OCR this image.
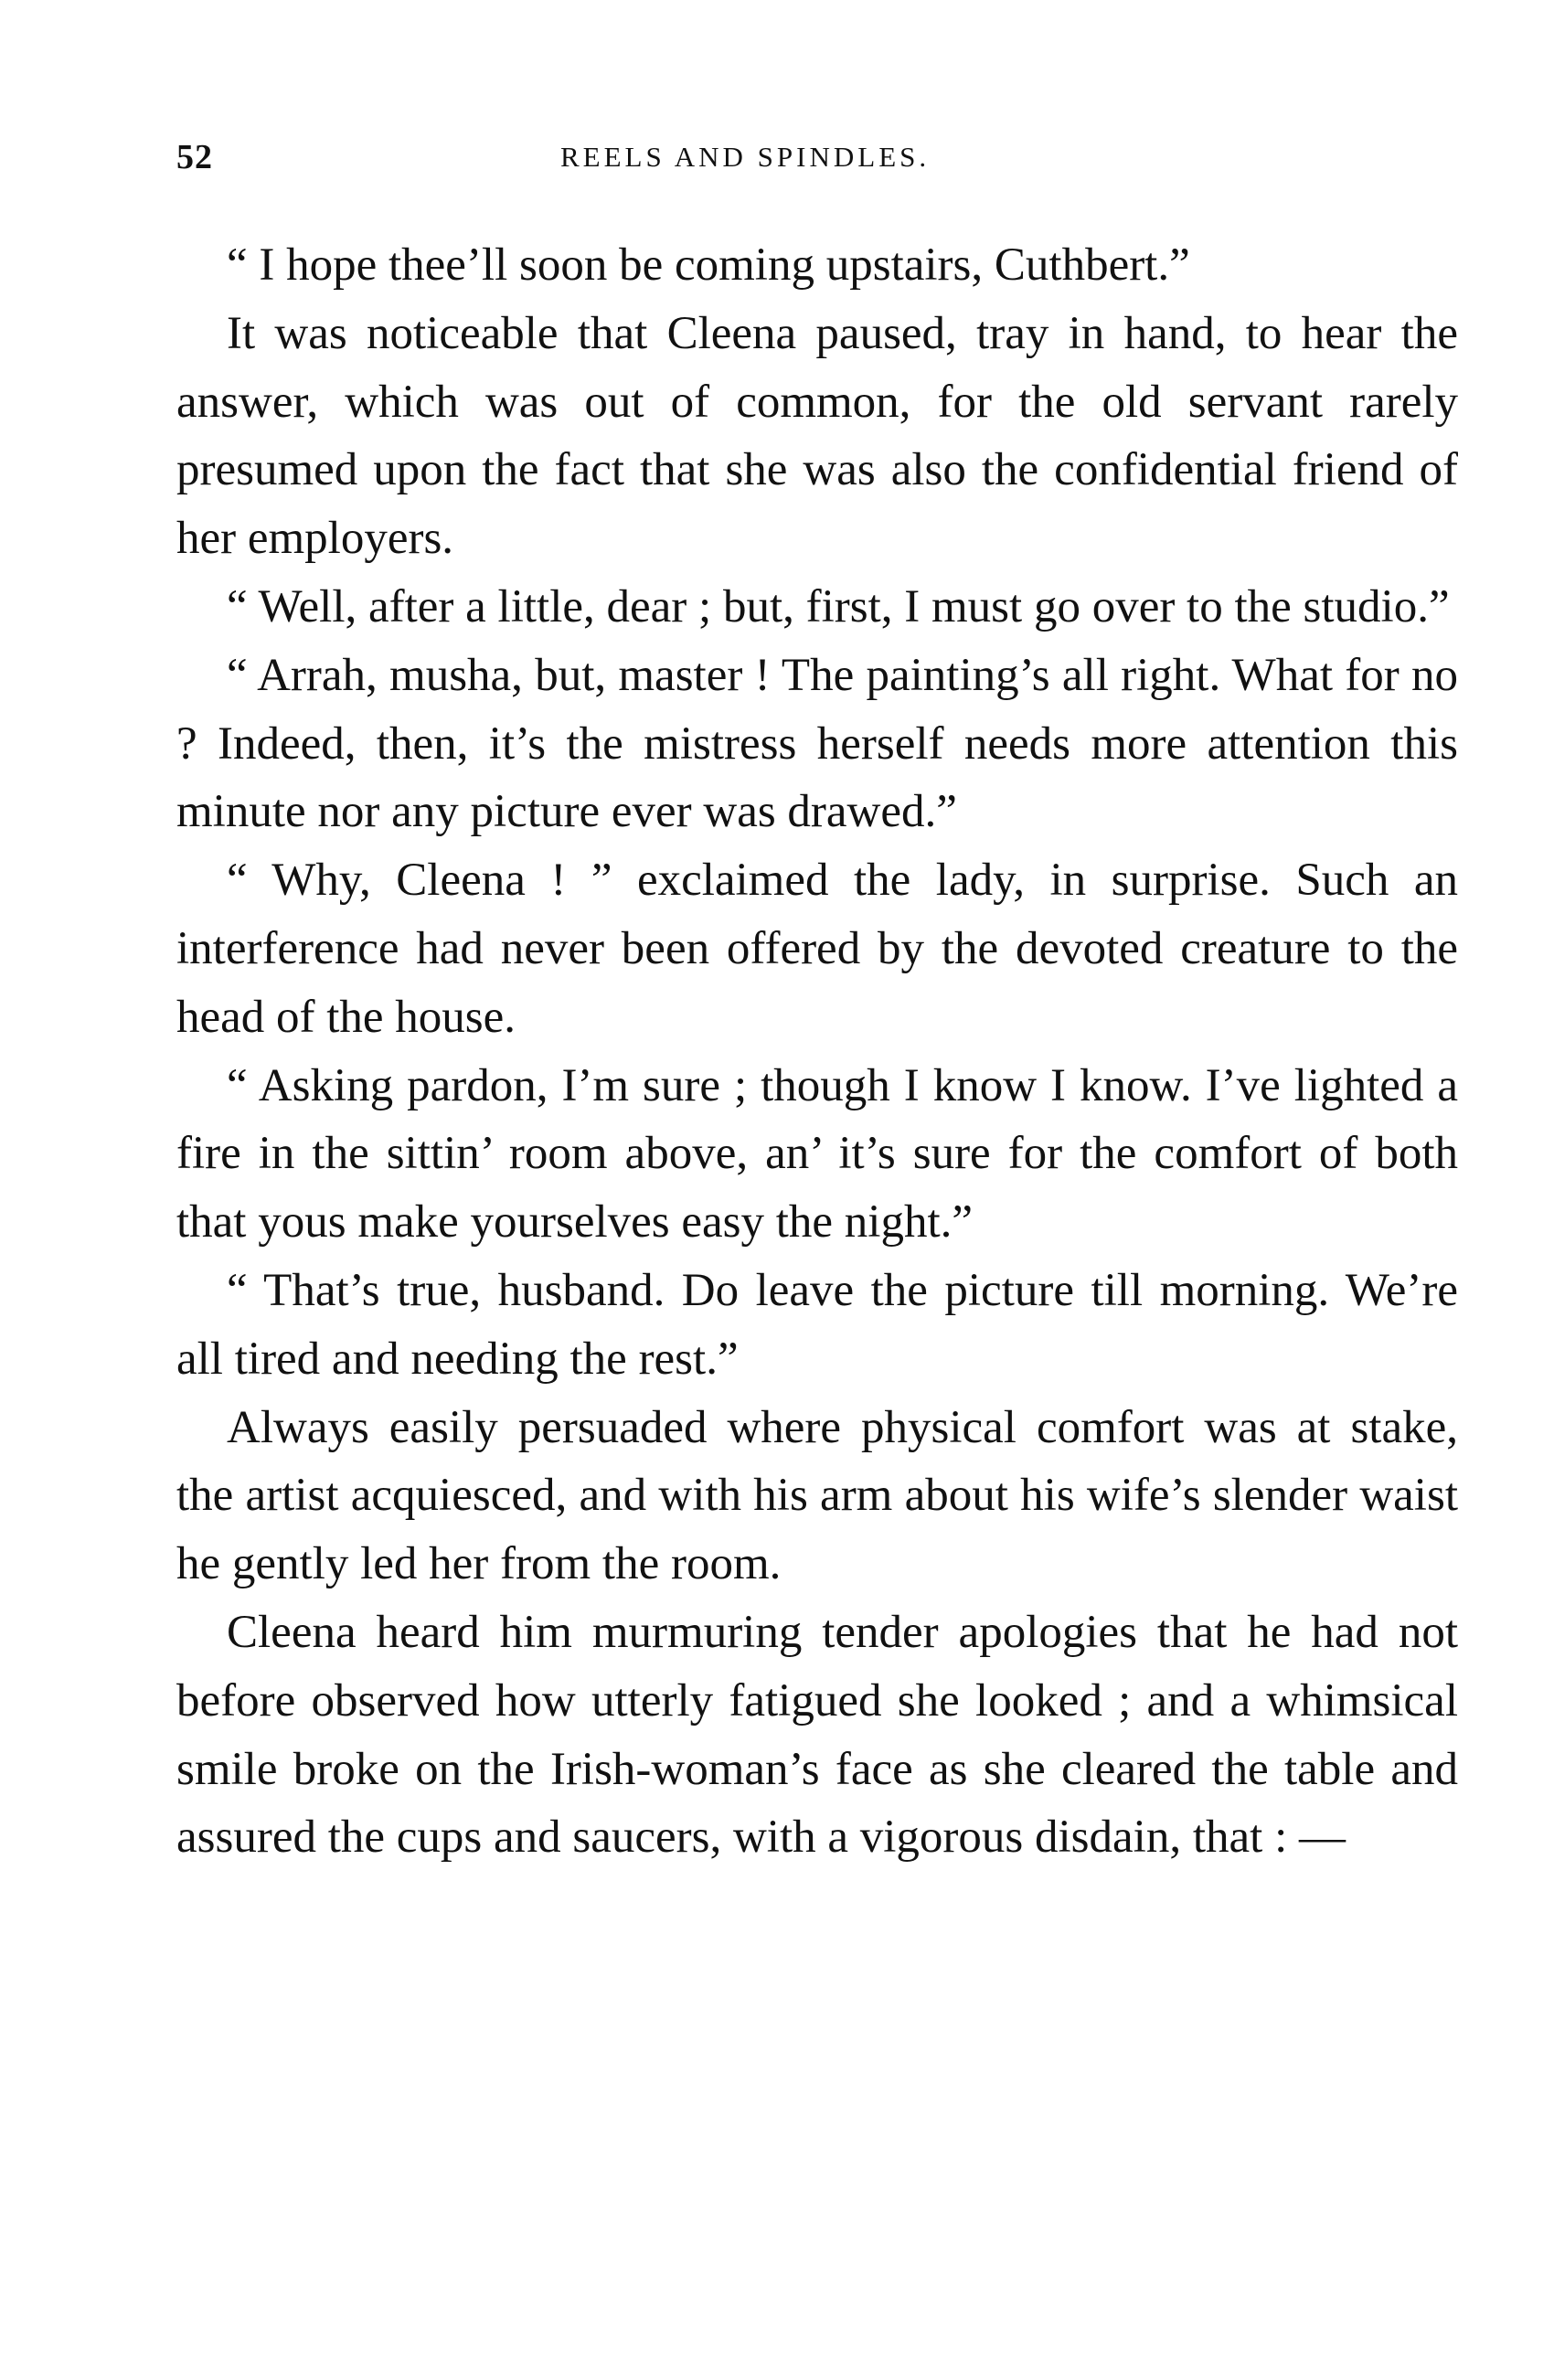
52	REELS AND SPINDLES.

“ I hope thee’ll soon be coming upstairs, Cuthbert.”

It was noticeable that Cleena paused, tray in hand, to hear the answer, which was out of common, for the old servant rarely presumed upon the fact that she was also the confidential friend of her employers.

“ Well, after a little, dear ; but, first, I must go over to the studio.”

“ Arrah, musha, but, master ! The painting’s all right. What for no ? Indeed, then, it’s the mistress herself needs more attention this minute nor any picture ever was drawed.”

“ Why, Cleena ! ” exclaimed the lady, in surprise. Such an interference had never been offered by the devoted creature to the head of the house.

“ Asking pardon, I’m sure ; though I know I know. I’ve lighted a fire in the sittin’ room above, an’ it’s sure for the comfort of both that yous make yourselves easy the night.”

“ That’s true, husband. Do leave the picture till morning. We’re all tired and needing the rest.”

Always easily persuaded where physical comfort was at stake, the artist acquiesced, and with his arm about his wife’s slender waist he gently led her from the room.

Cleena heard him murmuring tender apologies that he had not before observed how utterly fatigued she looked ; and a whimsical smile broke on the Irish-woman’s face as she cleared the table and assured the cups and saucers, with a vigorous disdain, that : —
